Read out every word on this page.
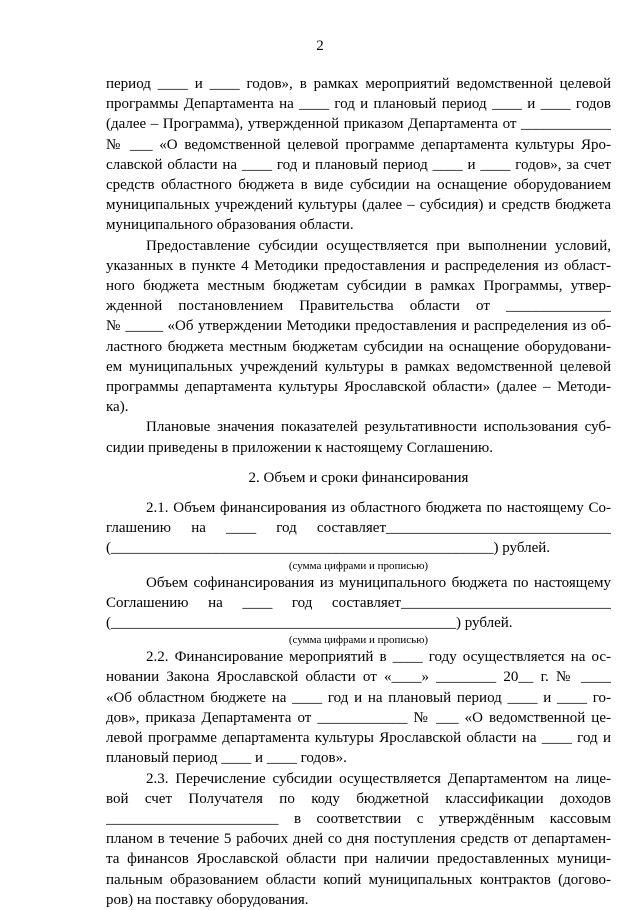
2

период ____ и ____ годов», в рамках мероприятий ведомственной целевой

программы Департамента на ____ год и плановый период ____ и ____ годов

(далее – Программа), утвержденной приказом Департамента от ____________

№ ___ «О ведомственной целевой программе департамента культуры Яро-

славской области на ____ год и плановый период ____ и ____ годов», за счет

средств областного бюджета в виде субсидии на оснащение оборудованием

муниципальных учреждений культуры (далее – субсидия) и средств бюджета

муниципального образования области.

Предоставление субсидии осуществляется при выполнении условий,

указанных в пункте 4 Методики предоставления и распределения из област-

ного бюджета местным бюджетам субсидии в рамках Программы, утвер-

жденной постановлением Правительства области от ______________

№ _____ «Об утверждении Методики предоставления и распределения из об-

ластного бюджета местным бюджетам субсидии на оснащение оборудовани-

ем муниципальных учреждений культуры в рамках ведомственной целевой

программы департамента культуры Ярославской области» (далее – Методи-

ка).

Плановые значения показателей результативности использования суб-

сидии приведены в приложении к настоящему Соглашению.

2. Объем и сроки финансирования

2.1. Объем финансирования из областного бюджета по настоящему Со-

глашению на ____ год составляет______________________________

(___________________________________________________) рублей.

(сумма цифрами и прописью)

Объем софинансирования из муниципального бюджета по настоящему

Соглашению на ____ год составляет____________________________

(______________________________________________) рублей.

(сумма цифрами и прописью)

2.2. Финансирование мероприятий в ____ году осуществляется на ос-

новании Закона Ярославской области от «____» ________ 20__ г. № ____

«Об областном бюджете на ____ год и на плановый период ____ и ____ го-

дов», приказа Департамента от ____________ № ___ «О ведомственной це-

левой программе департамента культуры Ярославской области на ____ год и

плановый период ____ и ____ годов».

2.3. Перечисление субсидии осуществляется Департаментом на лице-

вой счет Получателя по коду бюджетной классификации доходов

_______________________ в соответствии с утверждённым кассовым

планом в течение 5 рабочих дней со дня поступления средств от департамен-

та финансов Ярославской области при наличии предоставленных муници-

пальным образованием области копий муниципальных контрактов (догово-

ров) на поставку оборудования.
